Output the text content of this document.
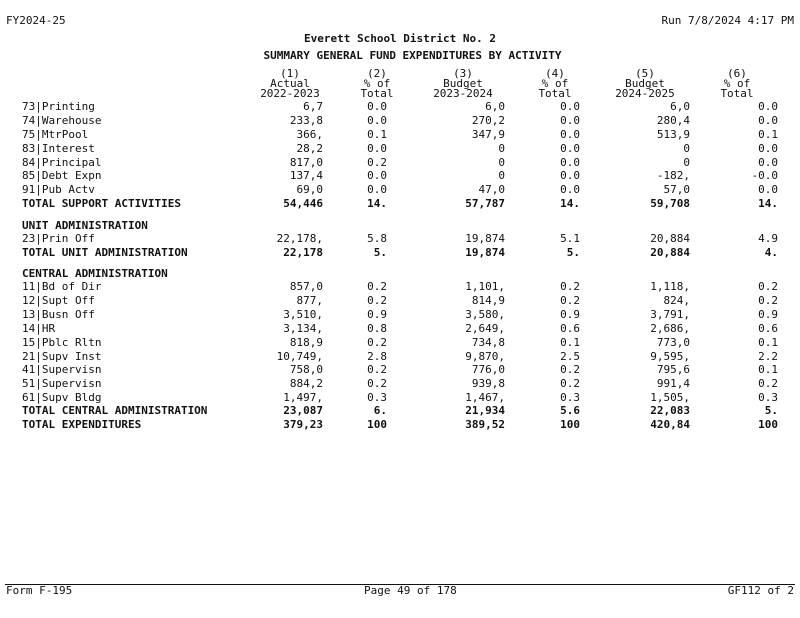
FY2024-25	Run 7/8/2024 4:17 PM
Everett School District No. 2
SUMMARY GENERAL FUND EXPENDITURES BY ACTIVITY
(1)
Actual
2022-2023
(2)
% of
Total
(3)
Budget
2023-2024
(4)
% of
Total
(5)
Budget
2024-2025
(6)
% of
Total
73|Printing	6,7	0.0	6,0	0.0	6,0	0.0
74|Warehouse	233,8	0.0	270,2	0.0	280,4	0.0
75|MtrPool	366,	0.1	347,9	0.0	513,9	0.1
83|Interest	28,2	0.0	0	0.0	0	0.0
84|Principal	817,0	0.2	0	0.0	0	0.0
85|Debt Expn	137,4	0.0	0	0.0	-182,	-0.0
91|Pub Actv	69,0	0.0	47,0	0.0	57,0	0.0
TOTAL SUPPORT ACTIVITIES	54,446	14.	57,787	14.	59,708	14.
UNIT ADMINISTRATION
23|Prin Off	22,178,	5.8	19,874	5.1	20,884	4.9
TOTAL UNIT ADMINISTRATION	22,178	5.	19,874	5.	20,884	4.
CENTRAL ADMINISTRATION
11|Bd of Dir	857,0	0.2	1,101,	0.2	1,118,	0.2
12|Supt Off	877,	0.2	814,9	0.2	824,	0.2
13|Busn Off	3,510,	0.9	3,580,	0.9	3,791,	0.9
14|HR	3,134,	0.8	2,649,	0.6	2,686,	0.6
15|Pblc Rltn	818,9	0.2	734,8	0.1	773,0	0.1
21|Supv Inst	10,749,	2.8	9,870,	2.5	9,595,	2.2
41|Supervisn	758,0	0.2	776,0	0.2	795,6	0.1
51|Supervisn	884,2	0.2	939,8	0.2	991,4	0.2
61|Supv Bldg	1,497,	0.3	1,467,	0.3	1,505,	0.3
TOTAL CENTRAL ADMINISTRATION	23,087	6.	21,934	5.6	22,083	5.
TOTAL EXPENDITURES	379,23	100	389,52	100	420,84	100
Form F-195	Page 49 of 178	GF112 of 2
